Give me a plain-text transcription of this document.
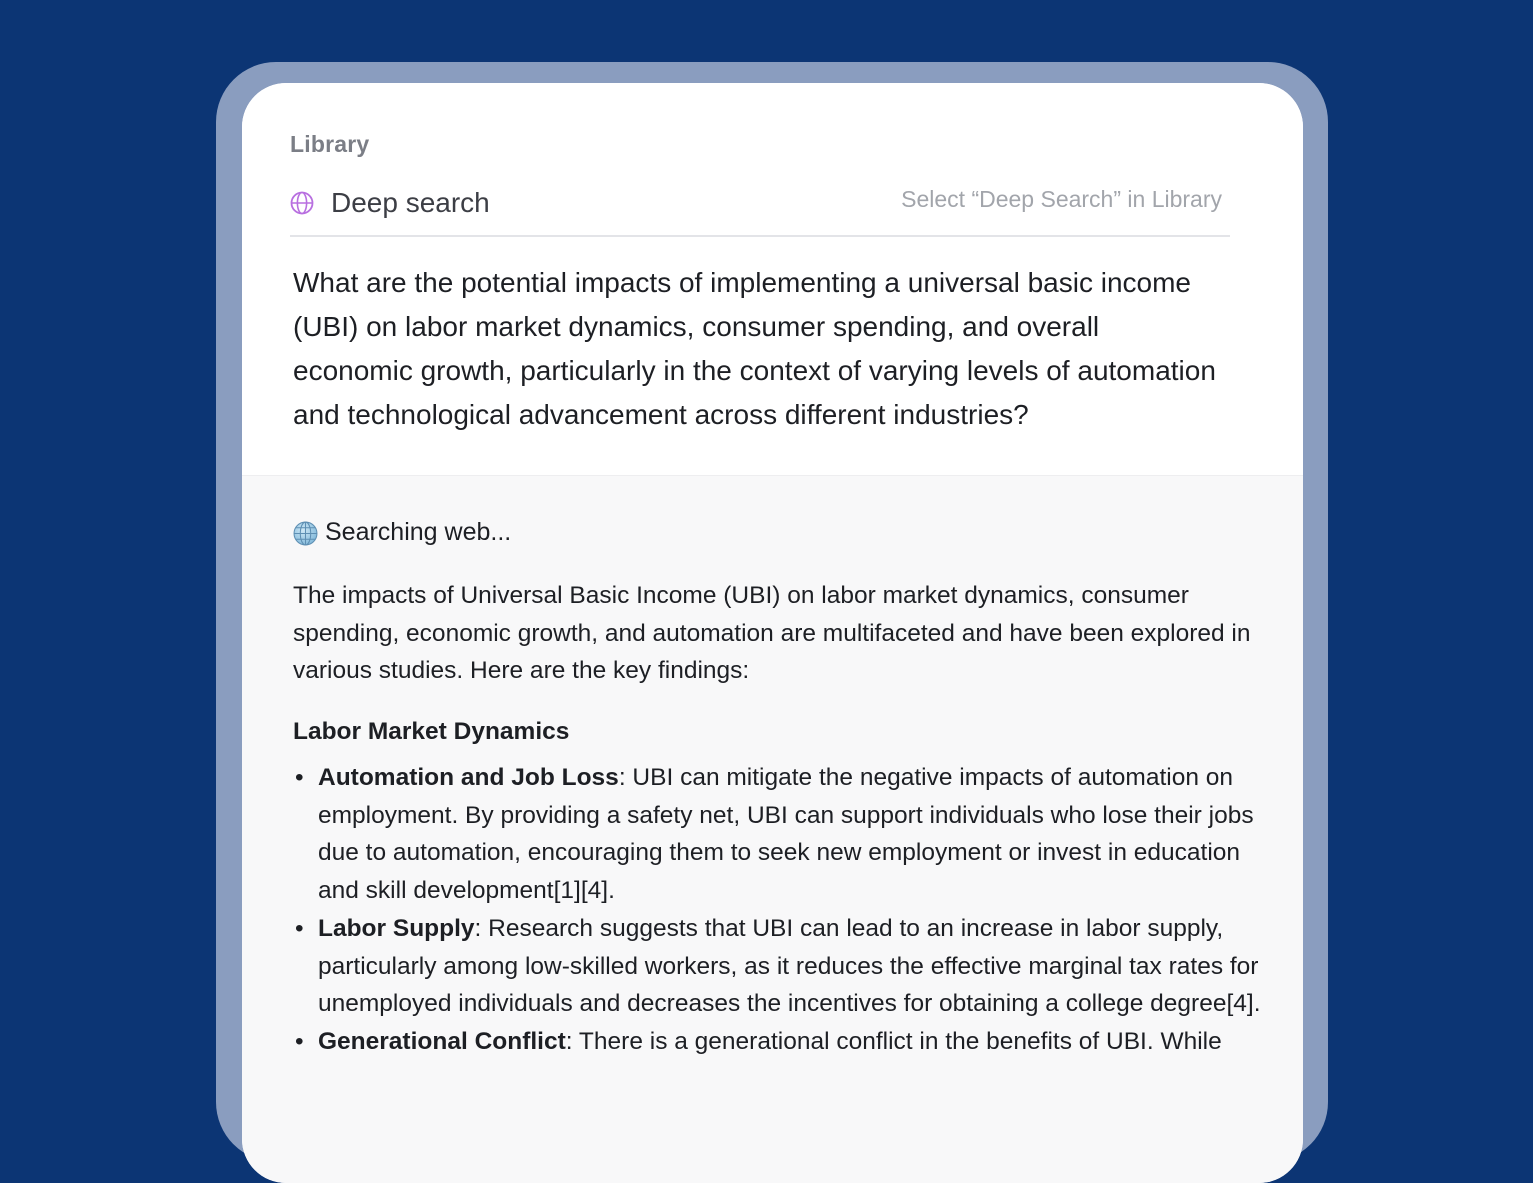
Library
Deep search	Select “Deep Search” in Library
What are the potential impacts of implementing a universal basic income (UBI) on labor market dynamics, consumer spending, and overall economic growth, particularly in the context of varying levels of automation and technological advancement across different industries?
Searching web...
The impacts of Universal Basic Income (UBI) on labor market dynamics, consumer spending, economic growth, and automation are multifaceted and have been explored in various studies. Here are the key findings:
Labor Market Dynamics
• Automation and Job Loss: UBI can mitigate the negative impacts of automation on employment. By providing a safety net, UBI can support individuals who lose their jobs due to automation, encouraging them to seek new employment or invest in education and skill development[1][4].
• Labor Supply: Research suggests that UBI can lead to an increase in labor supply, particularly among low-skilled workers, as it reduces the effective marginal tax rates for unemployed individuals and decreases the incentives for obtaining a college degree[4].
• Generational Conflict: There is a generational conflict in the benefits of UBI. While
